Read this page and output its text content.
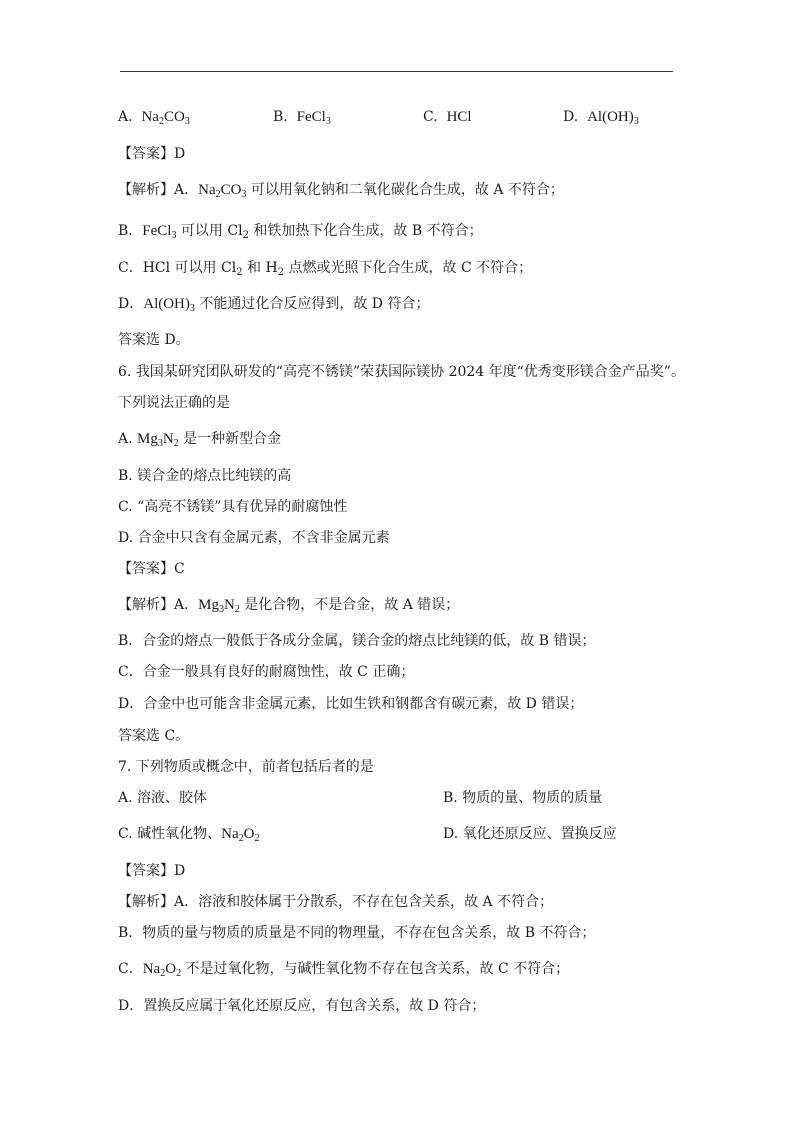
A. $Na_2CO_3$	B. FeCl$_3$	C. HCl	D. $Al(OH)_3$
【答案】D
【解析】A．$Na_2CO_3$ 可以用氧化钠和二氧化碳化合生成，故 A 不符合；
B．FeCl$_3$ 可以用 $Cl_2$ 和铁加热下化合生成，故 B 不符合；
C．HCl 可以用 $Cl_2$ 和 $H_2$ 点燃或光照下化合生成，故 C 不符合；
D．$Al(OH)_3$ 不能通过化合反应得到，故 D 符合；
答案选 D。
6. 我国某研究团队研发的“高亮不锈镁”荣获国际镁协 2024 年度“优秀变形镁合金产品奖”。
下列说法正确的是
A. $Mg_3N_2$ 是一种新型合金
B. 镁合金的熔点比纯镁的高
C. “高亮不锈镁”具有优异的耐腐蚀性
D. 合金中只含有金属元素，不含非金属元素
【答案】C
【解析】A．$Mg_3N_2$ 是化合物，不是合金，故 A 错误；
B．合金的熔点一般低于各成分金属，镁合金的熔点比纯镁的低，故 B 错误；
C．合金一般具有良好的耐腐蚀性，故 C 正确；
D．合金中也可能含非金属元素，比如生铁和钢都含有碳元素，故 D 错误；
答案选 C。
7. 下列物质或概念中，前者包括后者的是
A. 溶液、胶体	B. 物质的量、物质的质量
C. 碱性氧化物、$Na_2O_2$	D. 氧化还原反应、置换反应
【答案】D
【解析】A．溶液和胶体属于分散系，不存在包含关系，故 A 不符合；
B．物质的量与物质的质量是不同的物理量，不存在包含关系，故 B 不符合；
C．$Na_2O_2$ 不是过氧化物，与碱性氧化物不存在包含关系，故 C 不符合；
D．置换反应属于氧化还原反应，有包含关系，故 D 符合；
